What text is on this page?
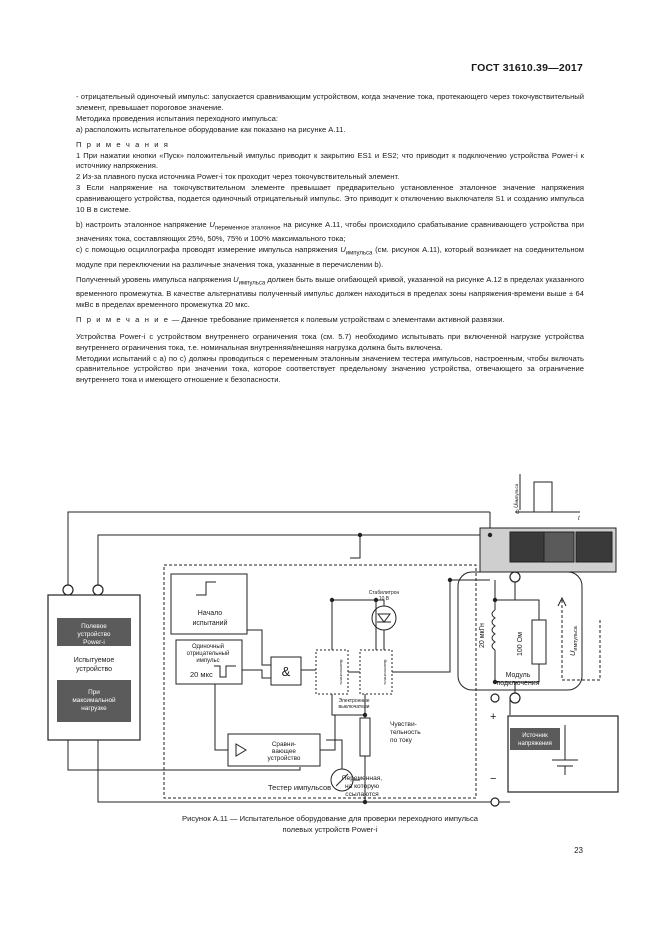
ГОСТ 31610.39—2017

- отрицательный одиночный импульс: запускается сравнивающим устройством, когда значение тока, протекающего через токочувствительный элемент, превышает пороговое значение.

Методика проведения испытания переходного импульса:

а) расположить испытательное оборудование как показано на рисунке А.11.

П р и м е ч а н и я

1 При нажатии кнопки «Пуск» положительный импульс приводит к закрытию ES1 и ES2; что приводит к подключению устройства Power-i к источнику напряжения.

2 Из-за плавного пуска источника Power-i ток проходит через токочувствительный элемент.

3 Если напряжение на токочувствительном элементе превышает предварительно установленное эталонное значение напряжения сравнивающего устройства, подается одиночный отрицательный импульс. Это приводит к отключению выключателя S1 и созданию импульса 10 В в системе.

b) настроить эталонное напряжение $U_{переменное эталонное}$ на рисунке А.11, чтобы происходило срабатывание сравнивающего устройства при значениях тока, составляющих 25%, 50%, 75% и 100% максимального тока;

c) с помощью осциллографа проводят измерение импульса напряжения $U_{импульса}$ (см. рисунок А.11), который возникает на соединительном модуле при переключении на различные значения тока, указанные в перечислении b).

Полученный уровень импульса напряжения $U_{импульса}$ должен быть выше огибающей кривой, указанной на рисунке А.12 в пределах указанного временного промежутка. В качестве альтернативы полученный импульс должен находиться в пределах зоны напряжения-времени выше ± 64 мкВс в пределах временного промежутка 20 мкс.

П р и м е ч а н и е — Данное требование применяется к полевым устройствам с элементами активной развязки.

Устройства Power-i с устройством внутреннего ограничения тока (см. 5.7) необходимо испытывать при включенной нагрузке устройства внутреннего ограничения тока, т.е. номинальная внутренняя/внешняя нагрузка должна быть включена.

Методики испытаний с а) по с) должны проводиться с переменным эталонным значением тестера импульсов, настроенным, чтобы включать сравнительное устройство при значении тока, которое соответствует предельному значению устройства, отвечающего за ограничение внутреннего тока и имеющего отношение к безопасности.

Полевое
устройство
Power-i
Испытуемое
устройство
При
максимальной
нагрузке
Начало
испытаний
Одиночный
отрицательный
импульс
20 мкс	&
Сравни-
вающее
устройство
Стабилитрон
10 В
Выключатель	Выключатель
Электронные
выключатели
Чувстви-
тельность
по току
Переменная,
на которую
ссылаются
Тестер импульсов
20 мкГн	100 Ом
Модуль
подключения
Источник
напряжения
+
−
$U_{импульса}$
Uимпульса
0
t
Рисунок А.11 — Испытательное оборудование для проверки переходного импульса
полевых устройств Power-i
23
